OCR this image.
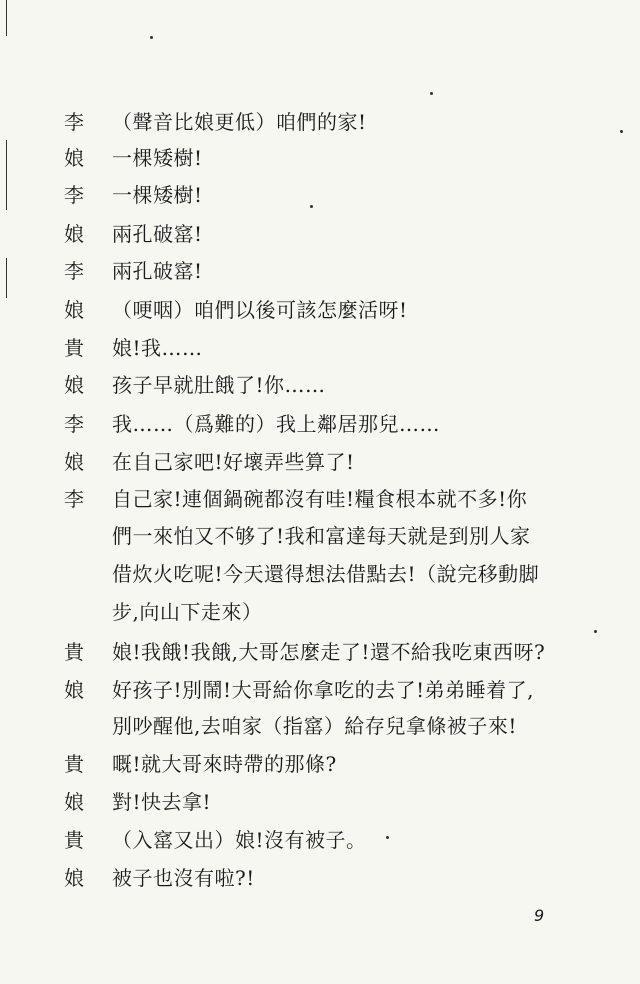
李	（聲音比娘更低）咱們的家!
娘	一棵矮樹!
李	一棵矮樹!
娘	兩孔破窰!
李	兩孔破窰!
娘	（哽咽）咱們以後可該怎麼活呀!
貴	娘!我……
娘	孩子早就肚餓了!你……
李	我……（爲難的）我上鄰居那兒……
娘	在自己家吧!好壞弄些算了!
李	自己家!連個鍋碗都沒有哇!糧食根本就不多!你
們一來怕又不够了!我和富達每天就是到別人家
借炊火吃呢!今天還得想法借點去!（說完移動脚
步,向山下走來）
貴	娘!我餓!我餓,大哥怎麼走了!還不給我吃東西呀?
娘	好孩子!別鬧!大哥給你拿吃的去了!弟弟睡着了,
別吵醒他,去咱家（指窰）給存兒拿條被子來!
貴	嘅!就大哥來時帶的那條?
娘	對!快去拿!
貴	（入窰又出）娘!沒有被子。
娘	被子也沒有啦?!
9
